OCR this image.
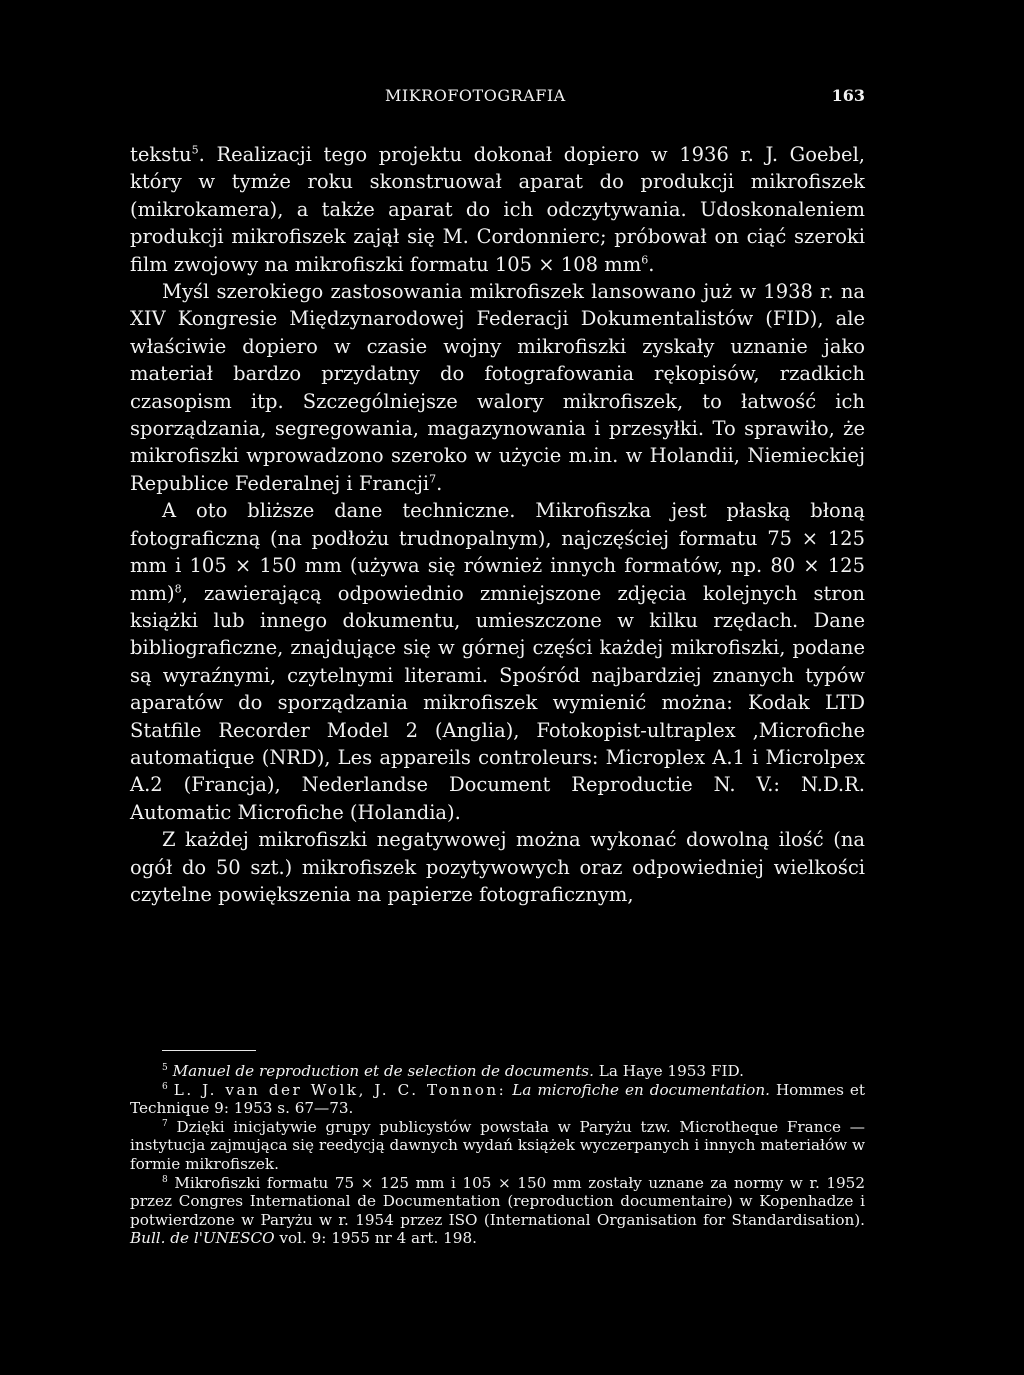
MIKROFOTOGRAFIA	163

tekstu$^5$. Realizacji tego projektu dokonał dopiero w 1936 r. J. Goebel, który w tymże roku skonstruował aparat do produkcji mikrofiszek (mikrokamera), a także aparat do ich odczytywania. Udoskonaleniem produkcji mikrofiszek zajął się M. Cordonnierc; próbował on ciąć szeroki film zwojowy na mikrofiszki formatu 105 × 108 $mm^6$.

Myśl szerokiego zastosowania mikrofiszek lansowano już w 1938 r. na XIV Kongresie Międzynarodowej Federacji Dokumentalistów (FID), ale właściwie dopiero w czasie wojny mikrofiszki zyskały uznanie jako materiał bardzo przydatny do fotografowania rękopisów, rzadkich czasopism itp. Szczególniejsze walory mikrofiszek, to łatwość ich sporządzania, segregowania, magazynowania i przesyłki. To sprawiło, że mikrofiszki wprowadzono szeroko w użycie m.in. w Holandii, Niemieckiej Republice Federalnej i Francji$^7$.

A oto bliższe dane techniczne. Mikrofiszka jest płaską błoną fotograficzną (na podłożu trudnopalnym), najczęściej formatu 75 × 125 mm i 105 × 150 mm (używa się również innych formatów, np. 80 × 125 mm)$^8$, zawierającą odpowiednio zmniejszone zdjęcia kolejnych stron książki lub innego dokumentu, umieszczone w kilku rzędach. Dane bibliograficzne, znajdujące się w górnej części każdej mikrofiszki, podane są wyraźnymi, czytelnymi literami. Spośród najbardziej znanych typów aparatów do sporządzania mikrofiszek wymienić można: Kodak LTD Statfile Recorder Model 2 (Anglia), Fotokopist-ultraplex ,Microfiche automatique (NRD), Les appareils controleurs: Microplex A.1 i Microlpex A.2 (Francja), Nederlandse Document Reproductie N. V.: N.D.R. Automatic Microfiche (Holandia).

Z każdej mikrofiszki negatywowej można wykonać dowolną ilość (na ogół do 50 szt.) mikrofiszek pozytywowych oraz odpowiedniej wielkości czytelne powiększenia na papierze fotograficznym,

$^5$ Manuel de reproduction et de selection de documents. La Haye 1953 FID.

$^6$ L. J. van der Wolk, J. C. Tonnon: La microfiche en documentation. Hommes et Technique 9: 1953 s. 67—73.

$^7$ Dzięki inicjatywie grupy publicystów powstała w Paryżu tzw. Microtheque France — instytucja zajmująca się reedycją dawnych wydań książek wyczerpanych i innych materiałów w formie mikrofiszek.

$^8$ Mikrofiszki formatu 75 × 125 mm i 105 × 150 mm zostały uznane za normy w r. 1952 przez Congres International de Documentation (reproduction documentaire) w Kopenhadze i potwierdzone w Paryżu w r. 1954 przez ISO (International Organisation for Standardisation). Bull. de l'UNESCO vol. 9: 1955 nr 4 art. 198.
